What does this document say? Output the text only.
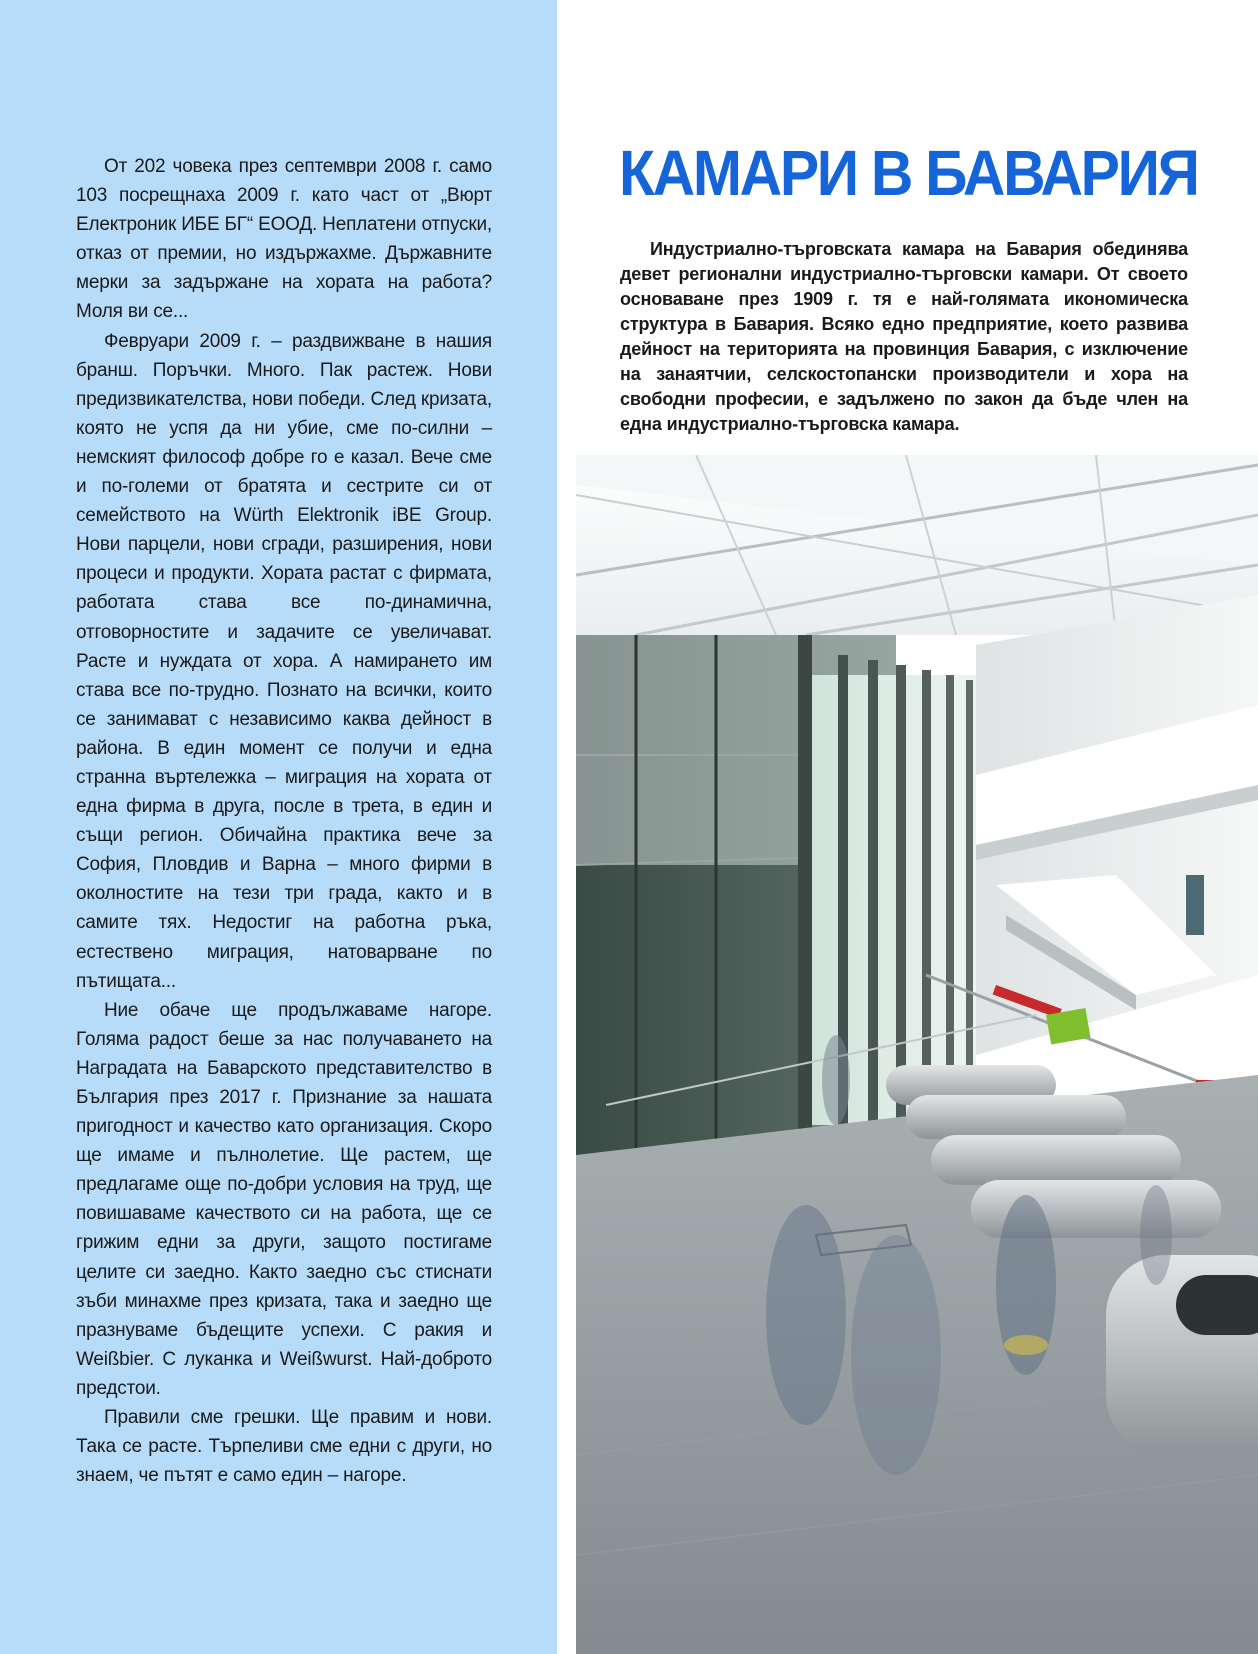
От 202 човека през септември 2008 г. само 103 посрещнаха 2009 г. като част от „Вюрт Електроник ИБЕ БГ“ ЕООД. Неплатени отпуски, отказ от премии, но издържахме. Държавните мерки за задържане на хората на работа? Моля ви се...

Февруари 2009 г. – раздвижване в нашия бранш. Поръчки. Много. Пак растеж. Нови предизвикателства, нови победи. След кризата, която не успя да ни убие, сме по-силни – немският философ добре го е казал. Вече сме и по-големи от братята и сестрите си от семейството на Würth Elektronik iBE Group. Нови парцели, нови сгради, разширения, нови процеси и продукти. Хората растат с фирмата, работата става все по-динамична, отговорностите и задачите се увеличават. Расте и нуждата от хора. А намирането им става все по-трудно. Познато на всички, които се занимават с независимо каква дейност в района. В един момент се получи и една странна въртележка – миграция на хората от една фирма в друга, после в трета, в един и същи регион. Обичайна практика вече за София, Пловдив и Варна – много фирми в околностите на тези три града, както и в самите тях. Недостиг на работна ръка, естествено миграция, натоварване по пътищата...

Ние обаче ще продължаваме нагоре. Голяма радост беше за нас получаването на Наградата на Баварското представителство в България през 2017 г. Признание за нашата пригодност и качество като организация. Скоро ще имаме и пълнолетие. Ще растем, ще предлагаме още по-добри условия на труд, ще повишаваме качеството си на работа, ще се грижим едни за други, защото постигаме целите си заедно. Както заедно със стиснати зъби минахме през кризата, така и заедно ще празнуваме бъдещите успехи. С ракия и Weißbier. С луканка и Weißwurst. Най-доброто предстои.

Правили сме грешки. Ще правим и нови. Така се расте. Търпеливи сме едни с други, но знаем, че пътят е само един – нагоре.

КАМАРИ В БАВАРИЯ

Индустриално-търговската камара на Бавария обединява девет регионални индустриално-търговски камари. От своето основаване през 1909 г. тя е най-голямата икономическа структура в Бавария. Всяко едно предприятие, което развива дейност на територията на провинция Бавария, с изключение на занаятчии, селскостопански производители и хора на свободни професии, е задължено по закон да бъде член на една индустриално-търговска камара.
